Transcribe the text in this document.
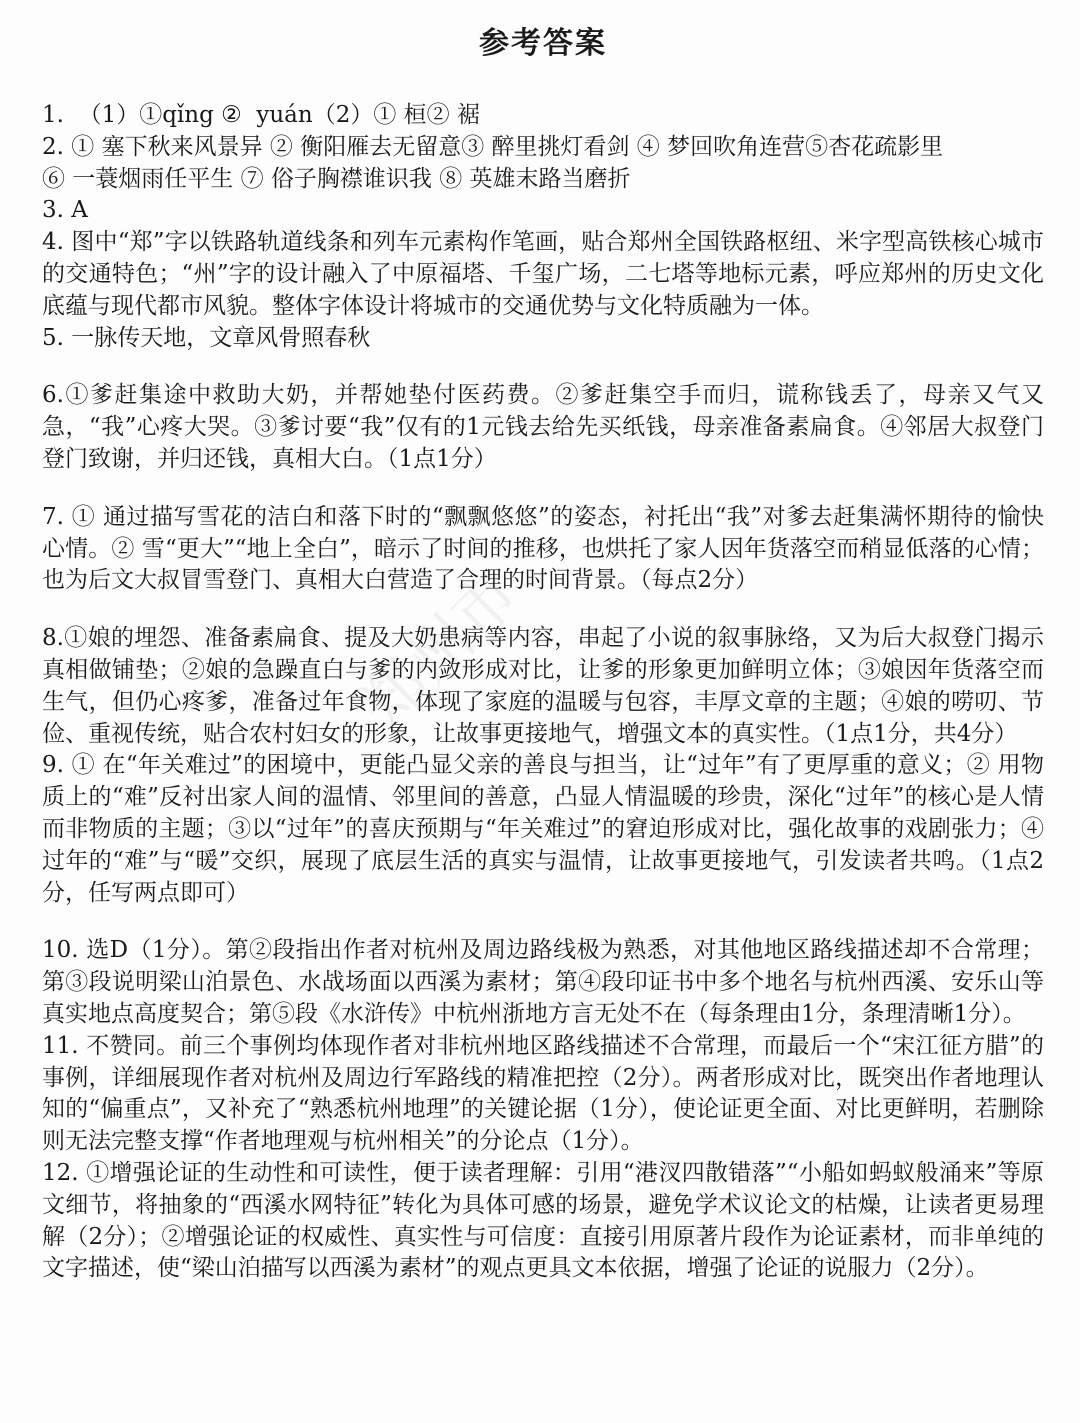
郑州市
参考答案

1.  （1）①qǐng ②  yuán（2）① 桓② 裾

2. ① 塞下秋来风景异 ② 衡阳雁去无留意③ 醉里挑灯看剑 ④ 梦回吹角连营⑤杏花疏影里

⑥ 一蓑烟雨任平生 ⑦ 俗子胸襟谁识我 ⑧ 英雄末路当磨折

3. A

4. 图中“郑”字以铁路轨道线条和列车元素构作笔画，贴合郑州全国铁路枢纽、米字型高铁核心城市的交通特色；“州”字的设计融入了中原福塔、千玺广场，二七塔等地标元素，呼应郑州的历史文化底蕴与现代都市风貌。整体字体设计将城市的交通优势与文化特质融为一体。

5. 一脉传天地，文章风骨照春秋

6.①爹赶集途中救助大奶，并帮她垫付医药费。②爹赶集空手而归，谎称钱丢了，母亲又气又急，“我”心疼大哭。③爹讨要“我”仅有的1元钱去给先买纸钱，母亲准备素扁食。④邻居大叔登门登门致谢，并归还钱，真相大白。（1点1分）

7. ① 通过描写雪花的洁白和落下时的“飘飘悠悠”的姿态，衬托出“我”对爹去赶集满怀期待的愉快心情。② 雪“更大”“地上全白”，暗示了时间的推移，也烘托了家人因年货落空而稍显低落的心情；也为后文大叔冒雪登门、真相大白营造了合理的时间背景。（每点2分）

8.①娘的埋怨、准备素扁食、提及大奶患病等内容，串起了小说的叙事脉络，又为后大叔登门揭示真相做铺垫；②娘的急躁直白与爹的内敛形成对比，让爹的形象更加鲜明立体；③娘因年货落空而生气，但仍心疼爹，准备过年食物，体现了家庭的温暖与包容，丰厚文章的主题；④娘的唠叨、节俭、重视传统，贴合农村妇女的形象，让故事更接地气，增强文本的真实性。（1点1分，共4分）

9. ① 在“年关难过”的困境中，更能凸显父亲的善良与担当，让“过年”有了更厚重的意义；② 用物质上的“难”反衬出家人间的温情、邻里间的善意，凸显人情温暖的珍贵，深化“过年”的核心是人情而非物质的主题；③以“过年”的喜庆预期与“年关难过”的窘迫形成对比，强化故事的戏剧张力；④ 过年的“难”与“暖”交织，展现了底层生活的真实与温情，让故事更接地气，引发读者共鸣。（1点2分，任写两点即可）

10. 选D（1分）。第②段指出作者对杭州及周边路线极为熟悉，对其他地区路线描述却不合常理；第③段说明梁山泊景色、水战场面以西溪为素材；第④段印证书中多个地名与杭州西溪、安乐山等真实地点高度契合；第⑤段《水浒传》中杭州浙地方言无处不在（每条理由1分，条理清晰1分）。

11. 不赞同。前三个事例均体现作者对非杭州地区路线描述不合常理，而最后一个“宋江征方腊”的事例，详细展现作者对杭州及周边行军路线的精准把控（2分）。两者形成对比，既突出作者地理认知的“偏重点”，又补充了“熟悉杭州地理”的关键论据（1分），使论证更全面、对比更鲜明，若删除则无法完整支撑“作者地理观与杭州相关”的分论点（1分）。

12. ①增强论证的生动性和可读性，便于读者理解：引用“港汊四散错落”“小船如蚂蚁般涌来”等原文细节，将抽象的“西溪水网特征”转化为具体可感的场景，避免学术议论文的枯燥，让读者更易理解（2分）；②增强论证的权威性、真实性与可信度：直接引用原著片段作为论证素材，而非单纯的文字描述，使“梁山泊描写以西溪为素材”的观点更具文本依据，增强了论证的说服力（2分）。
